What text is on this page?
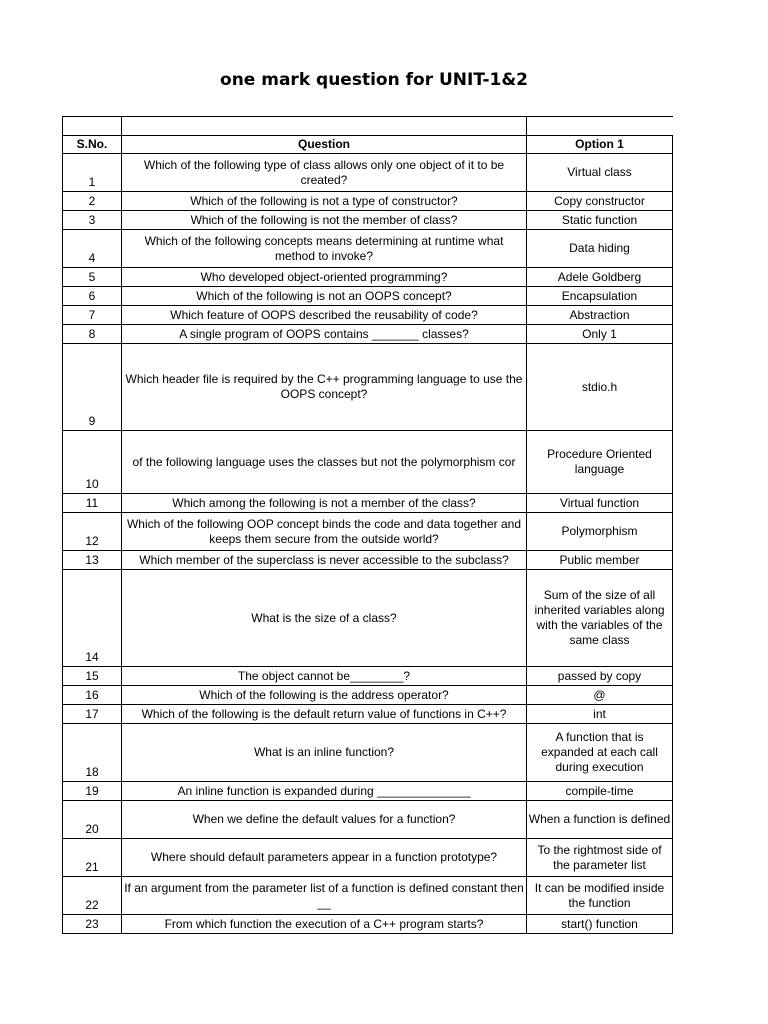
one mark question for UNIT-1&2

S.No.	Question	Option 1
1	Which of the following type of class allows only one object of it to be created?	Virtual class
2	Which of the following is not a type of constructor?	Copy constructor
3	Which of the following is not the member of class?	Static function
4	Which of the following concepts means determining at runtime what method to invoke?	Data hiding
5	Who developed object-oriented programming?	Adele Goldberg
6	Which of the following is not an OOPS concept?	Encapsulation
7	Which feature of OOPS described the reusability of code?	Abstraction
8	A single program of OOPS contains _______ classes?	Only 1
9	Which header file is required by the C++ programming language to use the OOPS concept?	stdio.h
10	of the following language uses the classes but not the polymorphism cor	Procedure Oriented language
11	Which among the following is not a member of the class?	Virtual function
12	Which of the following OOP concept binds the code and data together and keeps them secure from the outside world?	Polymorphism
13	Which member of the superclass is never accessible to the subclass?	Public member
14	What is the size of a class?	Sum of the size of all inherited variables along with the variables of the same class
15	The object cannot be________?	passed by copy
16	Which of the following is the address operator?	@
17	Which of the following is the default return value of functions in C++?	int
18	What is an inline function?	A function that is expanded at each call during execution
19	An inline function is expanded during ______________	compile-time
20	When we define the default values for a function?	When a function is defined
21	Where should default parameters appear in a function prototype?	To the rightmost side of the parameter list
22	If an argument from the parameter list of a function is defined constant then __	It can be modified inside the function
23	From which function the execution of a C++ program starts?	start() function
